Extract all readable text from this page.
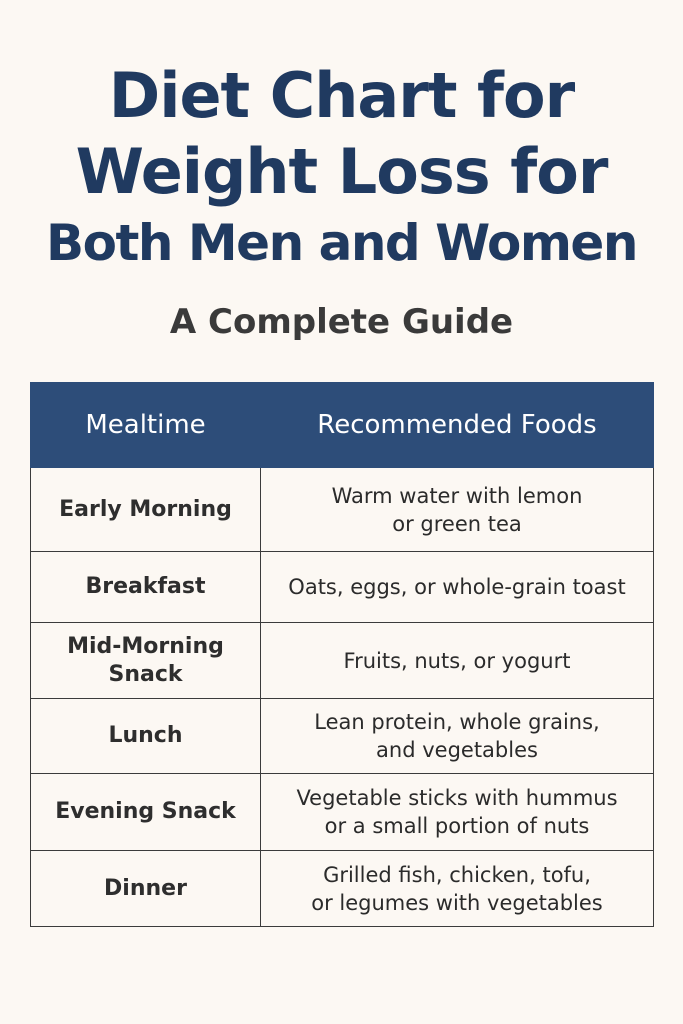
Diet Chart for
Weight Loss for
Both Men and Women
A Complete Guide
Mealtime	Recommended Foods
Early Morning	Warm water with lemon
or green tea
Breakfast	Oats, eggs, or whole-grain toast
Mid-Morning
Snack	Fruits, nuts, or yogurt
Lunch	Lean protein, whole grains,
and vegetables
Evening Snack	Vegetable sticks with hummus
or a small portion of nuts
Dinner	Grilled fish, chicken, tofu,
or legumes with vegetables
